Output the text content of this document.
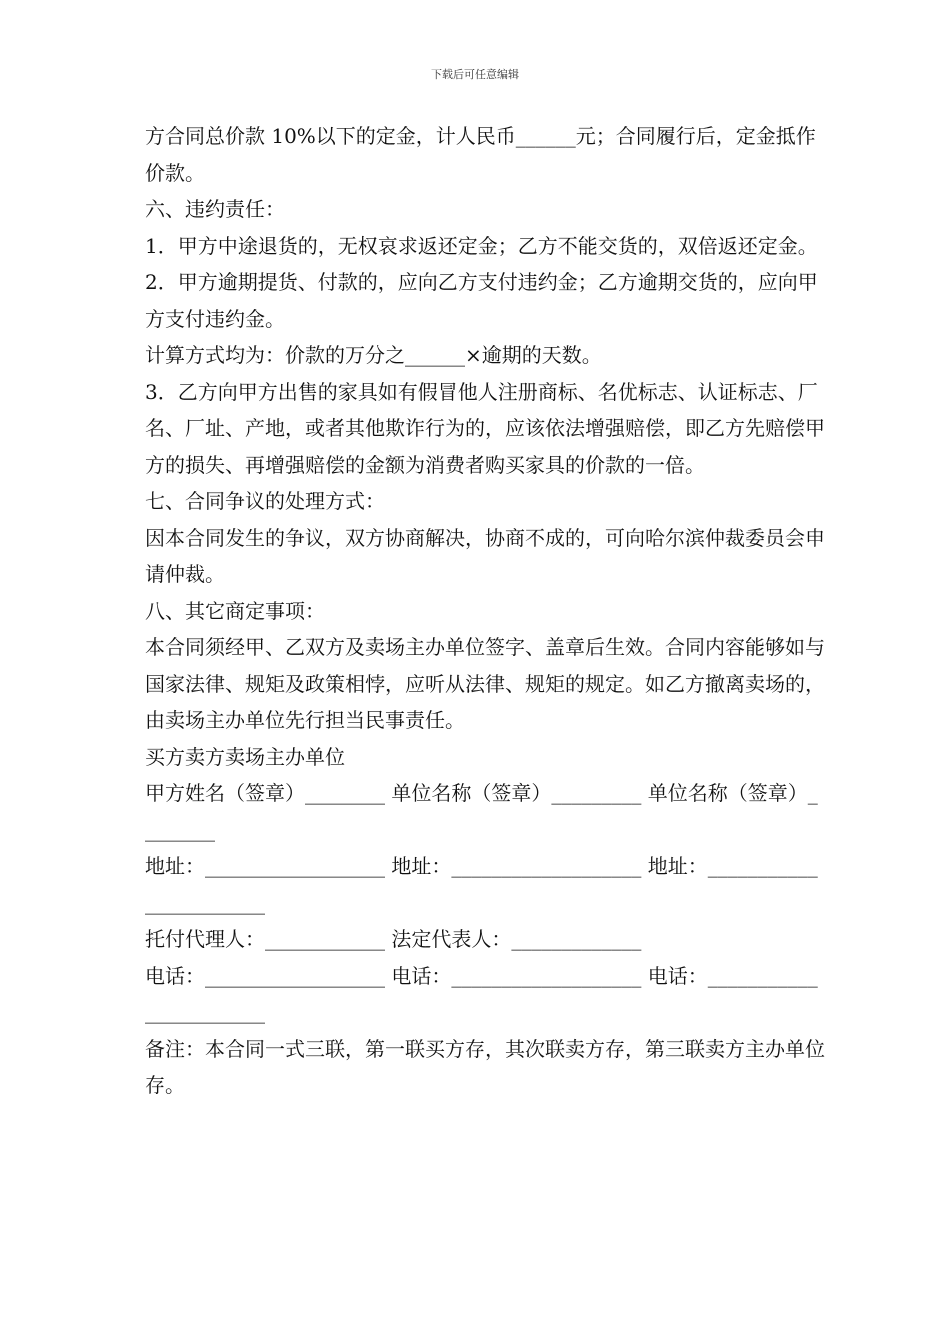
下载后可任意编辑

方合同总价款 10%以下的定金，计人民币______元；合同履行后，定金抵作价款。

六、违约责任：

1．甲方中途退货的，无权哀求返还定金；乙方不能交货的，双倍返还定金。

2．甲方逾期提货、付款的，应向乙方支付违约金；乙方逾期交货的，应向甲方支付违约金。

计算方式均为：价款的万分之______×逾期的天数。

3．乙方向甲方出售的家具如有假冒他人注册商标、名优标志、认证标志、厂名、厂址、产地，或者其他欺诈行为的，应该依法增强赔偿，即乙方先赔偿甲方的损失、再增强赔偿的金额为消费者购买家具的价款的一倍。

七、合同争议的处理方式：

因本合同发生的争议，双方协商解决，协商不成的，可向哈尔滨仲裁委员会申请仲裁。

八、其它商定事项：

本合同须经甲、乙双方及卖场主办单位签字、盖章后生效。合同内容能够如与国家法律、规矩及政策相悖，应听从法律、规矩的规定。如乙方撤离卖场的，由卖场主办单位先行担当民事责任。

买方卖方卖场主办单位

甲方姓名（签章）________ 单位名称（签章）_________ 单位名称（签章）________

地址：__________________ 地址：___________________ 地址：_______________________

托付代理人：____________ 法定代表人：_____________

电话：__________________ 电话：___________________ 电话：_______________________

备注：本合同一式三联，第一联买方存，其次联卖方存，第三联卖方主办单位存。
